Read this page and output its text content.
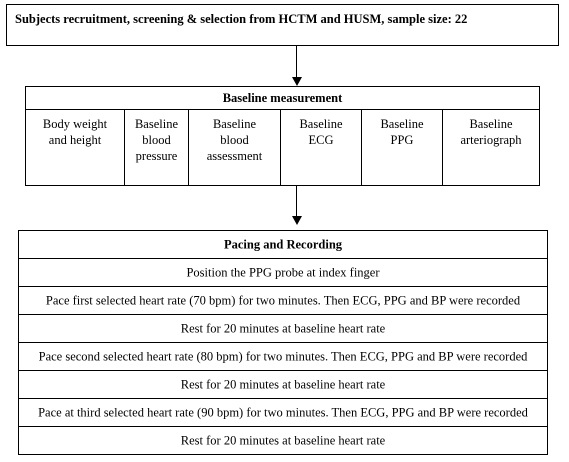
Subjects recruitment, screening & selection from HCTM and HUSM, sample size: 22
Baseline measurement
Body weight
and height
Baseline
blood
pressure
Baseline
blood
assessment
Baseline
ECG
Baseline
PPG
Baseline
arteriograph
Pacing and Recording
Position the PPG probe at index finger
Pace first selected heart rate (70 bpm) for two minutes. Then ECG, PPG and BP were recorded
Rest for 20 minutes at baseline heart rate
Pace second selected heart rate (80 bpm) for two minutes. Then ECG, PPG and BP were recorded
Rest for 20 minutes at baseline heart rate
Pace at third selected heart rate (90 bpm) for two minutes. Then ECG, PPG and BP were recorded
Rest for 20 minutes at baseline heart rate
